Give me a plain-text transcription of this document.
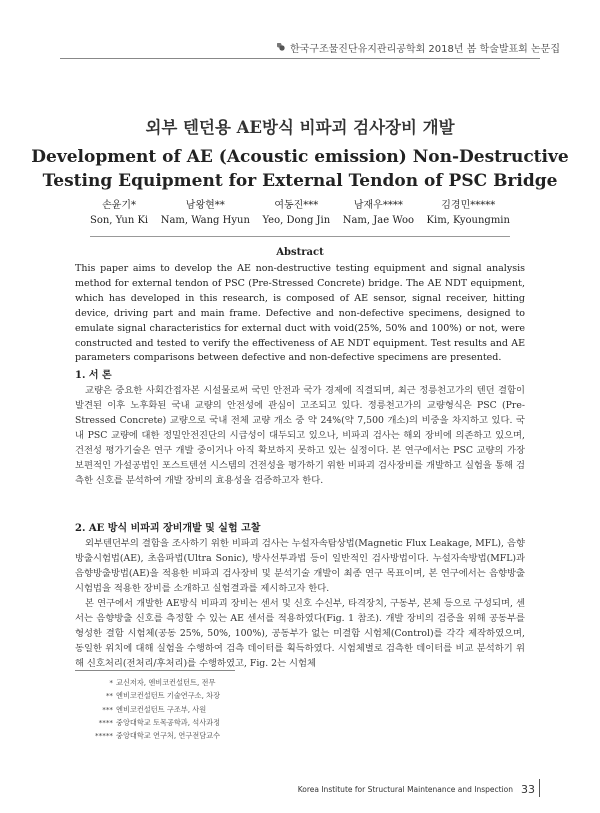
한국구조물진단유지관리공학회 2018년 봄 학술발표회 논문집
외부 텐던용 AE방식 비파괴 검사장비 개발
Development of AE (Acoustic emission) Non-Destructive
Testing Equipment for External Tendon of PSC Bridge
손윤기*
Son, Yun Ki
남왕현**
Nam, Wang Hyun
여동진***
Yeo, Dong Jin
남재우****
Nam, Jae Woo
김경민*****
Kim, Kyoungmin
Abstract
This paper aims to develop the AE non-destructive testing equipment and signal analysis method for external tendon of PSC (Pre-Stressed Concrete) bridge. The AE NDT equipment, which has developed in this research, is composed of AE sensor, signal receiver, hitting device, driving part and main frame. Defective and non-defective specimens, designed to emulate signal characteristics for external duct with void(25%, 50% and 100%) or not, were constructed and tested to verify the effectiveness of AE NDT equipment. Test results and AE parameters comparisons between defective and non-defective specimens are presented.
1. 서 론
교량은 중요한 사회간접자본 시설물로써 국민 안전과 국가 경제에 직결되며, 최근 정릉천고가의 텐던 결함이 발견된 이후 노후화된 국내 교량의 안전성에 관심이 고조되고 있다. 정릉천고가의 교량형식은 PSC (Pre-Stressed Concrete) 교량으로 국내 전체 교량 개소 중 약 24%(약 7,500 개소)의 비중을 차지하고 있다. 국내 PSC 교량에 대한 정밀안전진단의 시급성이 대두되고 있으나, 비파괴 검사는 해외 장비에 의존하고 있으며, 건전성 평가기술은 연구 개발 중이거나 아직 확보하지 못하고 있는 실정이다. 본 연구에서는 PSC 교량의 가장 보편적인 가설공법인 포스트텐션 시스템의 건전성을 평가하기 위한 비파괴 검사장비를 개발하고 실험을 통해 검측한 신호를 분석하여 개발 장비의 효용성을 검증하고자 한다.
2. AE 방식 비파괴 장비개발 및 실험 고찰
외부텐던부의 결함을 조사하기 위한 비파괴 검사는 누설자속탐상법(Magnetic Flux Leakage, MFL), 음향방출시험법(AE), 초음파법(Ultra Sonic), 방사선투과법 등이 일반적인 검사방법이다. 누설자속방법(MFL)과 음향방출방법(AE)을 적용한 비파괴 검사장비 및 분석기술 개발이 최종 연구 목표이며, 본 연구에서는 음향방출시험법을 적용한 장비를 소개하고 실험결과를 제시하고자 한다.
본 연구에서 개발한 AE방식 비파괴 장비는 센서 및 신호 수신부, 타격장치, 구동부, 본체 등으로 구성되며, 센서는 음향방출 신호를 측정할 수 있는 AE 센서를 적용하였다(Fig. 1 참조). 개발 장비의 검증을 위해 공동부를 형성한 결함 시험체(공동 25%, 50%, 100%), 공동부가 없는 미결함 시험체(Control)를 각각 제작하였으며, 동일한 위치에 대해 실험을 수행하여 검측 데이터를 획득하였다. 시험체별로 검측한 데이터를 비교 분석하기 위해 신호처리(전처리/후처리)를 수행하였고, Fig. 2는 시험체
* 교신저자, 엔비코컨설턴트, 전무
** 엔비코컨설턴트 기술연구소, 차장
*** 엔비코컨설턴트 구조부, 사원
**** 중앙대학교 토목공학과, 석사과정
***** 중앙대학교 연구처, 연구전담교수
Korea Institute for Structural Maintenance and Inspection 33
